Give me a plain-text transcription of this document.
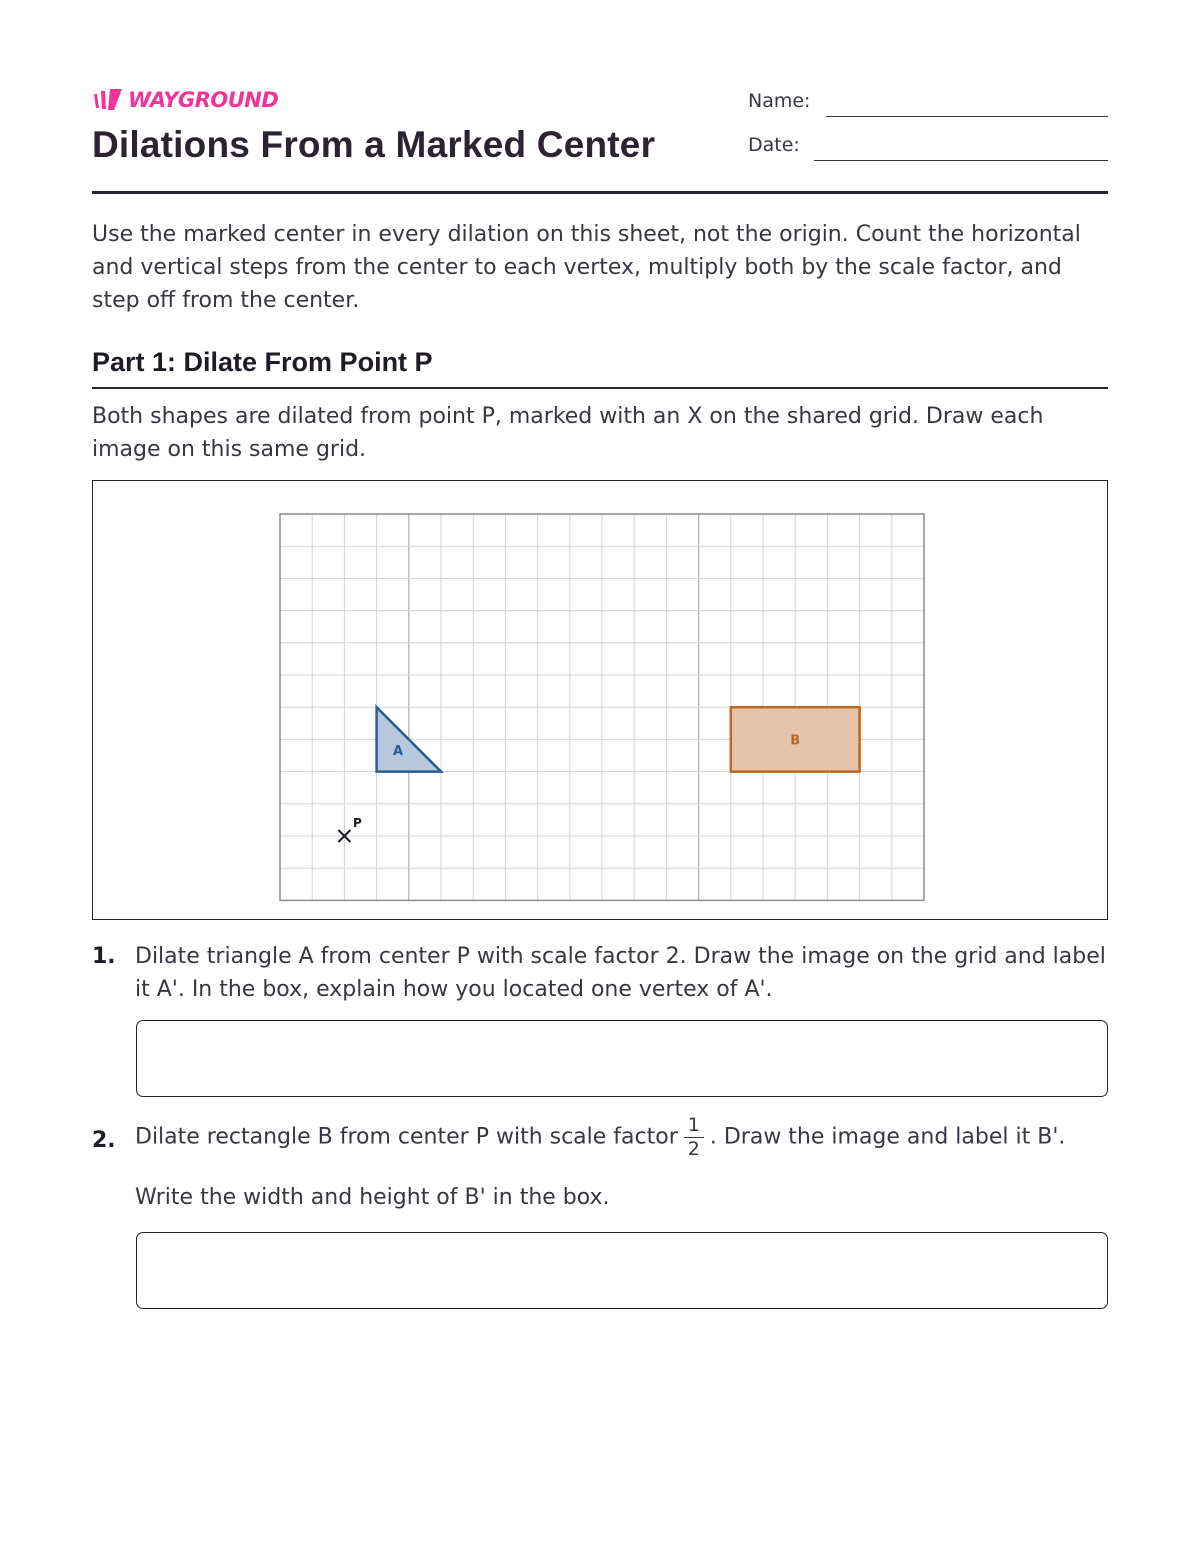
WAYGROUND
Dilations From a Marked Center
Name:
Date:

Use the marked center in every dilation on this sheet, not the origin. Count the horizontal and vertical steps from the center to each vertex, multiply both by the scale factor, and step off from the center.

Part 1: Dilate From Point P

Both shapes are dilated from point P, marked with an X on the shared grid. Draw each image on this same grid.

A
B
P
1. Dilate triangle A from center P with scale factor 2. Draw the image on the grid and label it A'. In the box, explain how you located one vertex of A'.

2. Dilate rectangle B from center P with scale factor $\frac{1}{2}$ . Draw the image and label it B'.

Write the width and height of B' in the box.
